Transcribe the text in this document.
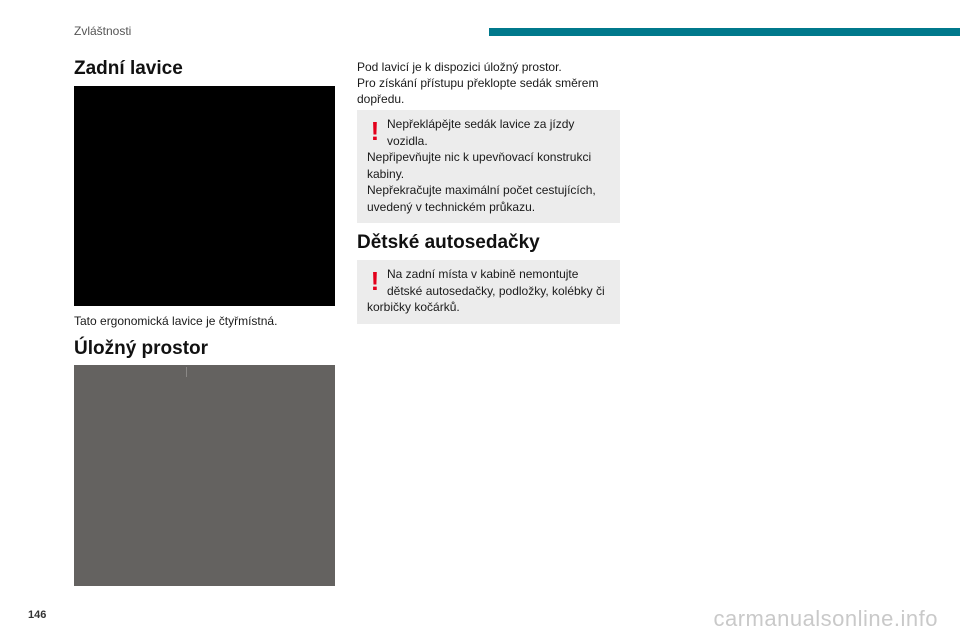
Zvláštnosti
Zadní lavice
Tato ergonomická lavice je čtyřmístná.
Úložný prostor
Pod lavicí je k dispozici úložný prostor.
Pro získání přístupu překlopte sedák směrem
dopředu.
! Nepřeklápějte sedák lavice za jízdy
vozidla.
Nepřipevňujte nic k upevňovací konstrukci
kabiny.
Nepřekračujte maximální počet cestujících,
uvedený v technickém průkazu.
Dětské autosedačky
! Na zadní místa v kabině nemontujte
dětské autosedačky, podložky, kolébky či
korbičky kočárků.
146	carmanualsonline.info
